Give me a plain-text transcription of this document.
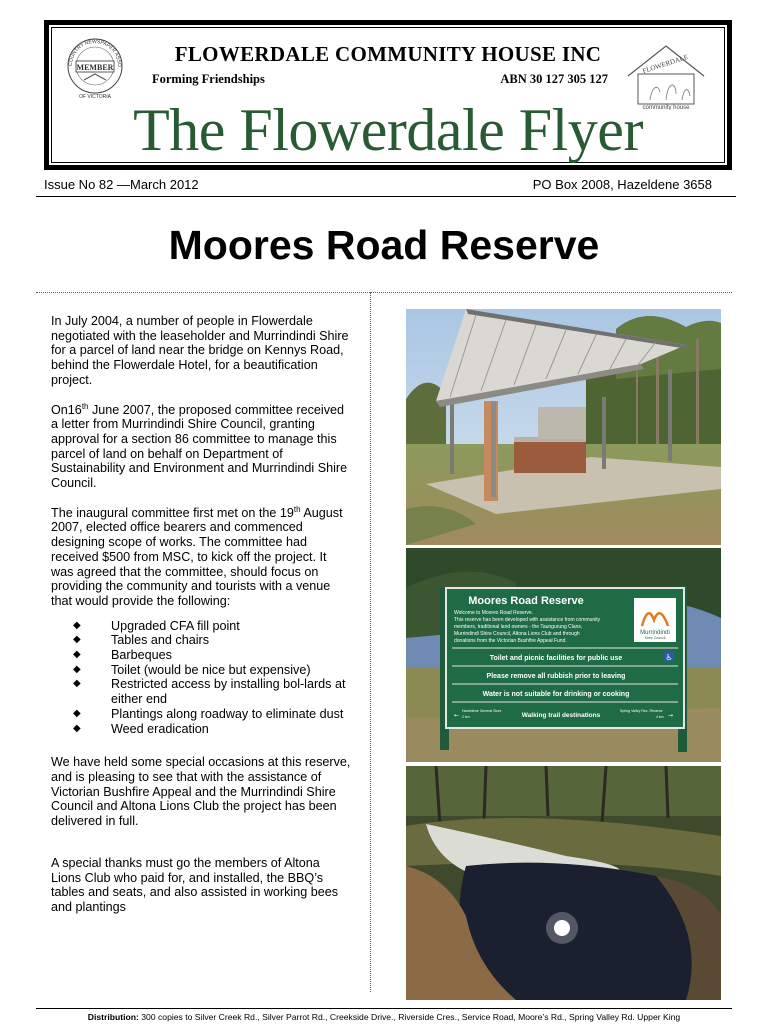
COUNTRY NEWSPAPER ASSO
MEMBER
OF VICTORIA
FLOWERDALE COMMUNITY HOUSE INC
Forming Friendships	ABN 30 127 305 127
FLOWERDALE
community house
The Flowerdale Flyer
Issue No 82 —March 2012	PO Box 2008, Hazeldene 3658
Moores Road Reserve

In July 2004, a number of people in Flowerdale negotiated with the leaseholder and Murrindindi Shire for a parcel of land near the bridge on Kennys Road, behind the Flowerdale Hotel, for a beautification project.

On16th June 2007, the proposed committee received a letter from Murrindindi Shire Council, granting approval for a section 86 committee to manage this parcel of land on behalf on Department of Sustainability and Environment and Murrindindi Shire Council.

The inaugural committee first met on the 19th August 2007, elected office bearers and commenced designing scope of works. The committee had received $500 from MSC, to kick off the project. It was agreed that the committee, should focus on providing the community and tourists with a venue that would provide the following:

◆ Upgraded CFA fill point
◆ Tables and chairs
◆ Barbeques
◆ Toilet (would be nice but expensive)
◆ Restricted access by installing bol-lards at either end
◆ Plantings along roadway to eliminate dust
◆ Weed eradication

We have held some special occasions at this reserve, and is pleasing to see that with the assistance of Victorian Bushfire Appeal and the Murrindindi Shire Council and Altona Lions Club the project has been delivered in full.

A special thanks must go the members of Altona Lions Club who paid for, and installed, the BBQ’s tables and seats, and also assisted in working bees and plantings

Moores Road Reserve
Welcome to Moores Road Reserve.
This reserve has been developed with assistance from community
members, traditional land owners - the Taungurung Clans,
Murrindindi Shire Council, Altona Lions Club and through
donations from the Victorian Bushfire Appeal Fund.
Murrindindi
Shire Council
Toilet and picnic facilities for public use
Please remove all rubbish prior to leaving
Water is not suitable for drinking or cooking
♿
←
Hazeldene General Store
2 km	Walking trail destinations
Spring Valley Rec. Reserve
4 km →
Distribution: 300 copies to Silver Creek Rd., Silver Parrot Rd., Creekside Drive., Riverside Cres., Service Road, Moore’s Rd., Spring Valley Rd. Upper King
